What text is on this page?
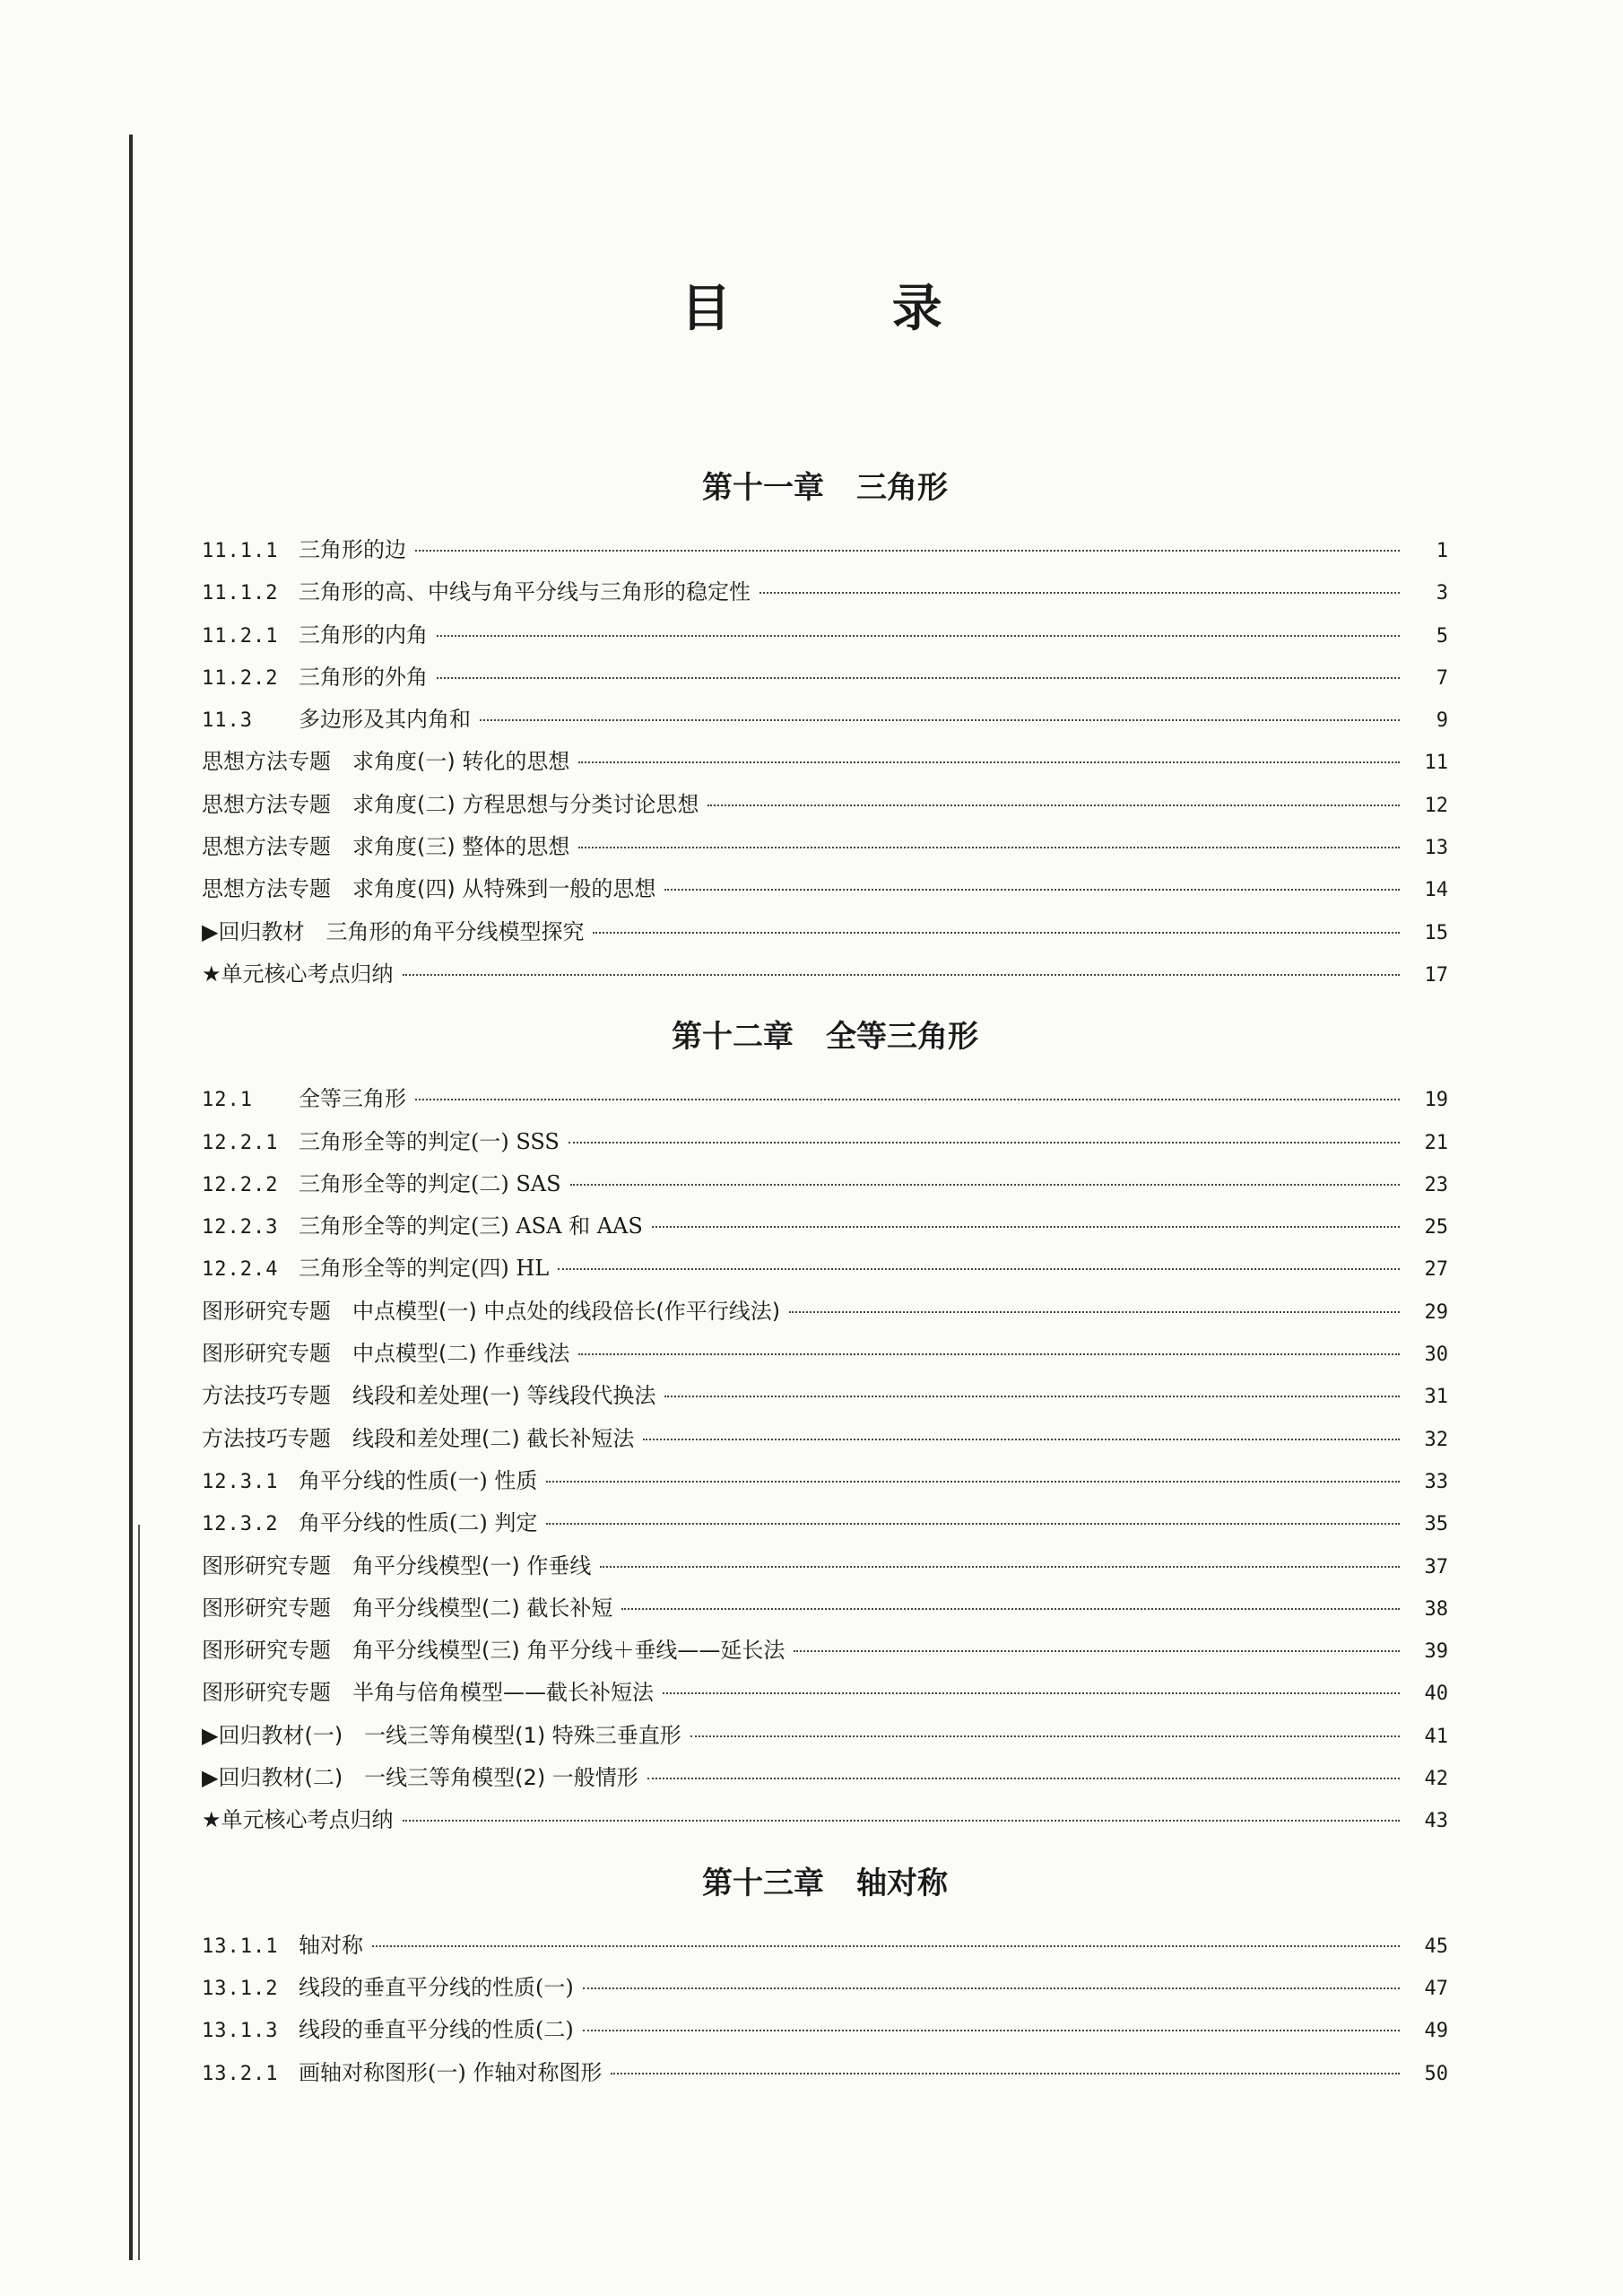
目 录
第十一章 三角形
11.1.1 三角形的边	1
11.1.2 三角形的高、中线与角平分线与三角形的稳定性	3
11.2.1 三角形的内角	5
11.2.2 三角形的外角	7
11.3	多边形及其内角和	9
思想方法专题　求角度(一) 转化的思想	11
思想方法专题　求角度(二) 方程思想与分类讨论思想	12
思想方法专题　求角度(三) 整体的思想	13
思想方法专题　求角度(四) 从特殊到一般的思想	14
▶回归教材　三角形的角平分线模型探究	15
★单元核心考点归纳	17
第十二章 全等三角形
12.1	全等三角形	19
12.2.1 三角形全等的判定(一) SSS	21
12.2.2 三角形全等的判定(二) SAS	23
12.2.3 三角形全等的判定(三) ASA 和 AAS	25
12.2.4 三角形全等的判定(四) HL	27
图形研究专题　中点模型(一) 中点处的线段倍长(作平行线法)	29
图形研究专题　中点模型(二) 作垂线法	30
方法技巧专题　线段和差处理(一) 等线段代换法	31
方法技巧专题　线段和差处理(二) 截长补短法	32
12.3.1 角平分线的性质(一) 性质	33
12.3.2 角平分线的性质(二) 判定	35
图形研究专题　角平分线模型(一) 作垂线	37
图形研究专题　角平分线模型(二) 截长补短	38
图形研究专题　角平分线模型(三) 角平分线＋垂线——延长法	39
图形研究专题　半角与倍角模型——截长补短法	40
▶回归教材(一)　一线三等角模型(1) 特殊三垂直形	41
▶回归教材(二)　一线三等角模型(2) 一般情形	42
★单元核心考点归纳	43
第十三章 轴对称
13.1.1 轴对称	45
13.1.2 线段的垂直平分线的性质(一)	47
13.1.3 线段的垂直平分线的性质(二)	49
13.2.1 画轴对称图形(一) 作轴对称图形	50
